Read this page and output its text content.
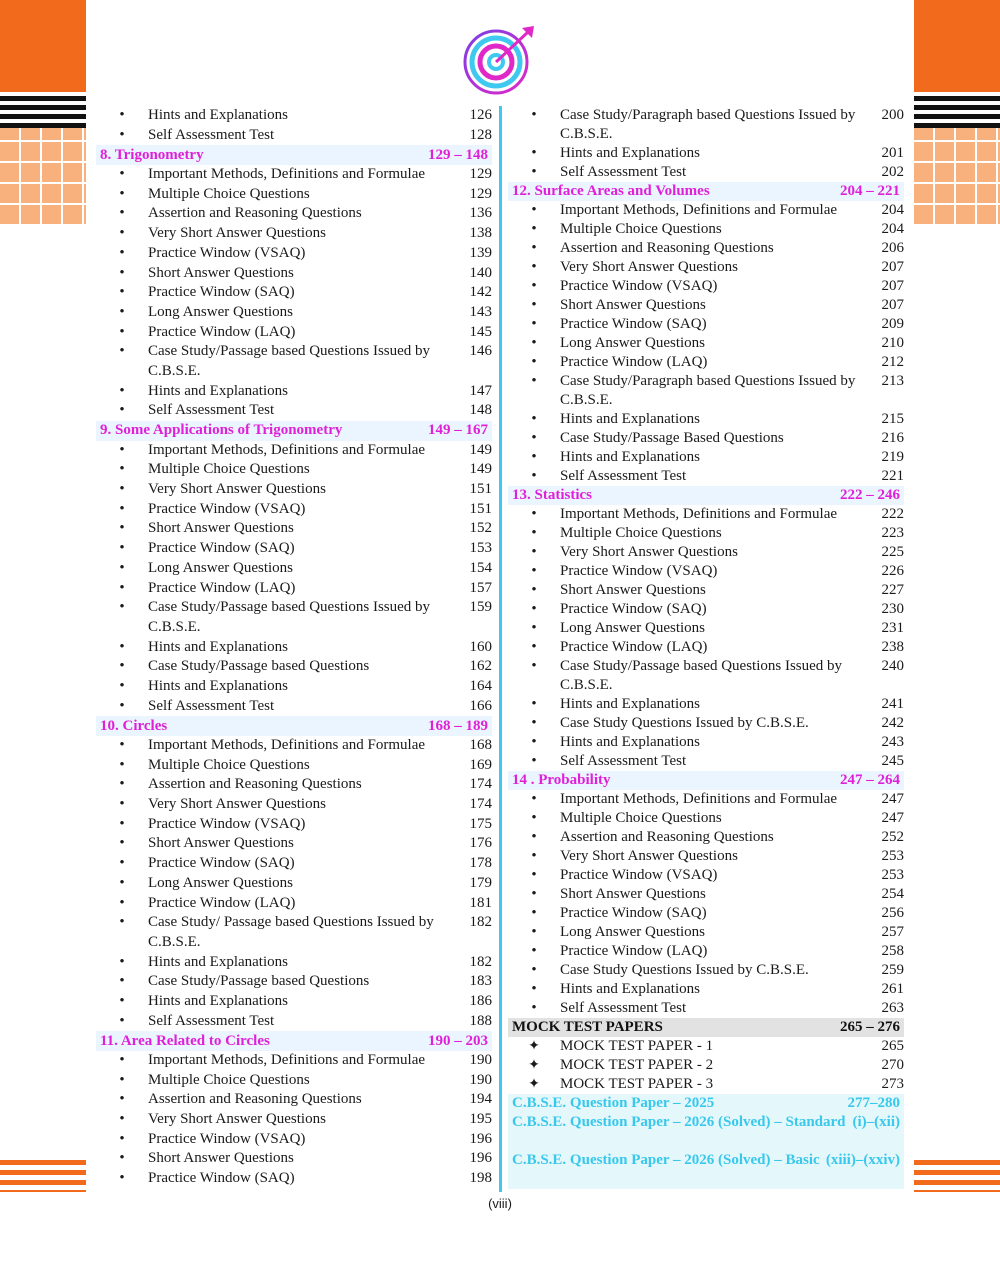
•	Hints and Explanations	126
•	Self Assessment Test	128
8. Trigonometry	129 – 148
•	Important Methods, Definitions and Formulae	129
•	Multiple Choice Questions	129
•	Assertion and Reasoning Questions	136
•	Very Short Answer Questions	138
•	Practice Window (VSAQ)	139
•	Short Answer Questions	140
•	Practice Window (SAQ)	142
•	Long Answer Questions	143
•	Practice Window (LAQ)	145
•	Case Study/Passage based Questions Issued by C.B.S.E.
146
•	Hints and Explanations	147
•	Self Assessment Test	148
9. Some Applications of Trigonometry	149 – 167
•	Important Methods, Definitions and Formulae	149
•	Multiple Choice Questions	149
•	Very Short Answer Questions	151
•	Practice Window (VSAQ)	151
•	Short Answer Questions	152
•	Practice Window (SAQ)	153
•	Long Answer Questions	154
•	Practice Window (LAQ)	157
•	Case Study/Passage based Questions Issued by C.B.S.E.
159
•	Hints and Explanations	160
•	Case Study/Passage based Questions	162
•	Hints and Explanations	164
•	Self Assessment Test	166
10. Circles	168 – 189
•	Important Methods, Definitions and Formulae	168
•	Multiple Choice Questions	169
•	Assertion and Reasoning Questions	174
•	Very Short Answer Questions	174
•	Practice Window (VSAQ)	175
•	Short Answer Questions	176
•	Practice Window (SAQ)	178
•	Long Answer Questions	179
•	Practice Window (LAQ)	181
•	Case Study/ Passage based Questions Issued by C.B.S.E.
182
•	Hints and Explanations	182
•	Case Study/Passage based Questions	183
•	Hints and Explanations	186
•	Self Assessment Test	188
11. Area Related to Circles	190 – 203
•	Important Methods, Definitions and Formulae	190
•	Multiple Choice Questions	190
•	Assertion and Reasoning Questions	194
•	Very Short Answer Questions	195
•	Practice Window (VSAQ)	196
•	Short Answer Questions	196
•	Practice Window (SAQ)	198
•	Case Study/Paragraph based Questions Issued by C.B.S.E.
200
•	Hints and Explanations	201
•	Self Assessment Test	202
12. Surface Areas and Volumes	204 – 221
•	Important Methods, Definitions and Formulae	204
•	Multiple Choice Questions	204
•	Assertion and Reasoning Questions	206
•	Very Short Answer Questions	207
•	Practice Window (VSAQ)	207
•	Short Answer Questions	207
•	Practice Window (SAQ)	209
•	Long Answer Questions	210
•	Practice Window (LAQ)	212
•	Case Study/Paragraph based Questions Issued by C.B.S.E.
213
•	Hints and Explanations	215
•	Case Study/Passage Based Questions	216
•	Hints and Explanations	219
•	Self Assessment Test	221
13. Statistics	222 – 246
•	Important Methods, Definitions and Formulae	222
•	Multiple Choice Questions	223
•	Very Short Answer Questions	225
•	Practice Window (VSAQ)	226
•	Short Answer Questions	227
•	Practice Window (SAQ)	230
•	Long Answer Questions	231
•	Practice Window (LAQ)	238
•	Case Study/Passage based Questions Issued by C.B.S.E.
240
•	Hints and Explanations	241
•	Case Study Questions Issued by C.B.S.E.	242
•	Hints and Explanations	243
•	Self Assessment Test	245
14 . Probability	247 – 264
•	Important Methods, Definitions and Formulae	247
•	Multiple Choice Questions	247
•	Assertion and Reasoning Questions	252
•	Very Short Answer Questions	253
•	Practice Window (VSAQ)	253
•	Short Answer Questions	254
•	Practice Window (SAQ)	256
•	Long Answer Questions	257
•	Practice Window (LAQ)	258
•	Case Study Questions Issued by C.B.S.E.	259
•	Hints and Explanations	261
•	Self Assessment Test	263
MOCK TEST PAPERS	265 – 276
✦	MOCK TEST PAPER - 1	265
✦	MOCK TEST PAPER - 2	270
✦	MOCK TEST PAPER - 3	273
C.B.S.E. Question Paper – 2025	277–280
C.B.S.E. Question Paper – 2026 (Solved) – Standard (i)–(xii)
C.B.S.E. Question Paper – 2026 (Solved) – Basic (xiii)–(xxiv)
(viii)
